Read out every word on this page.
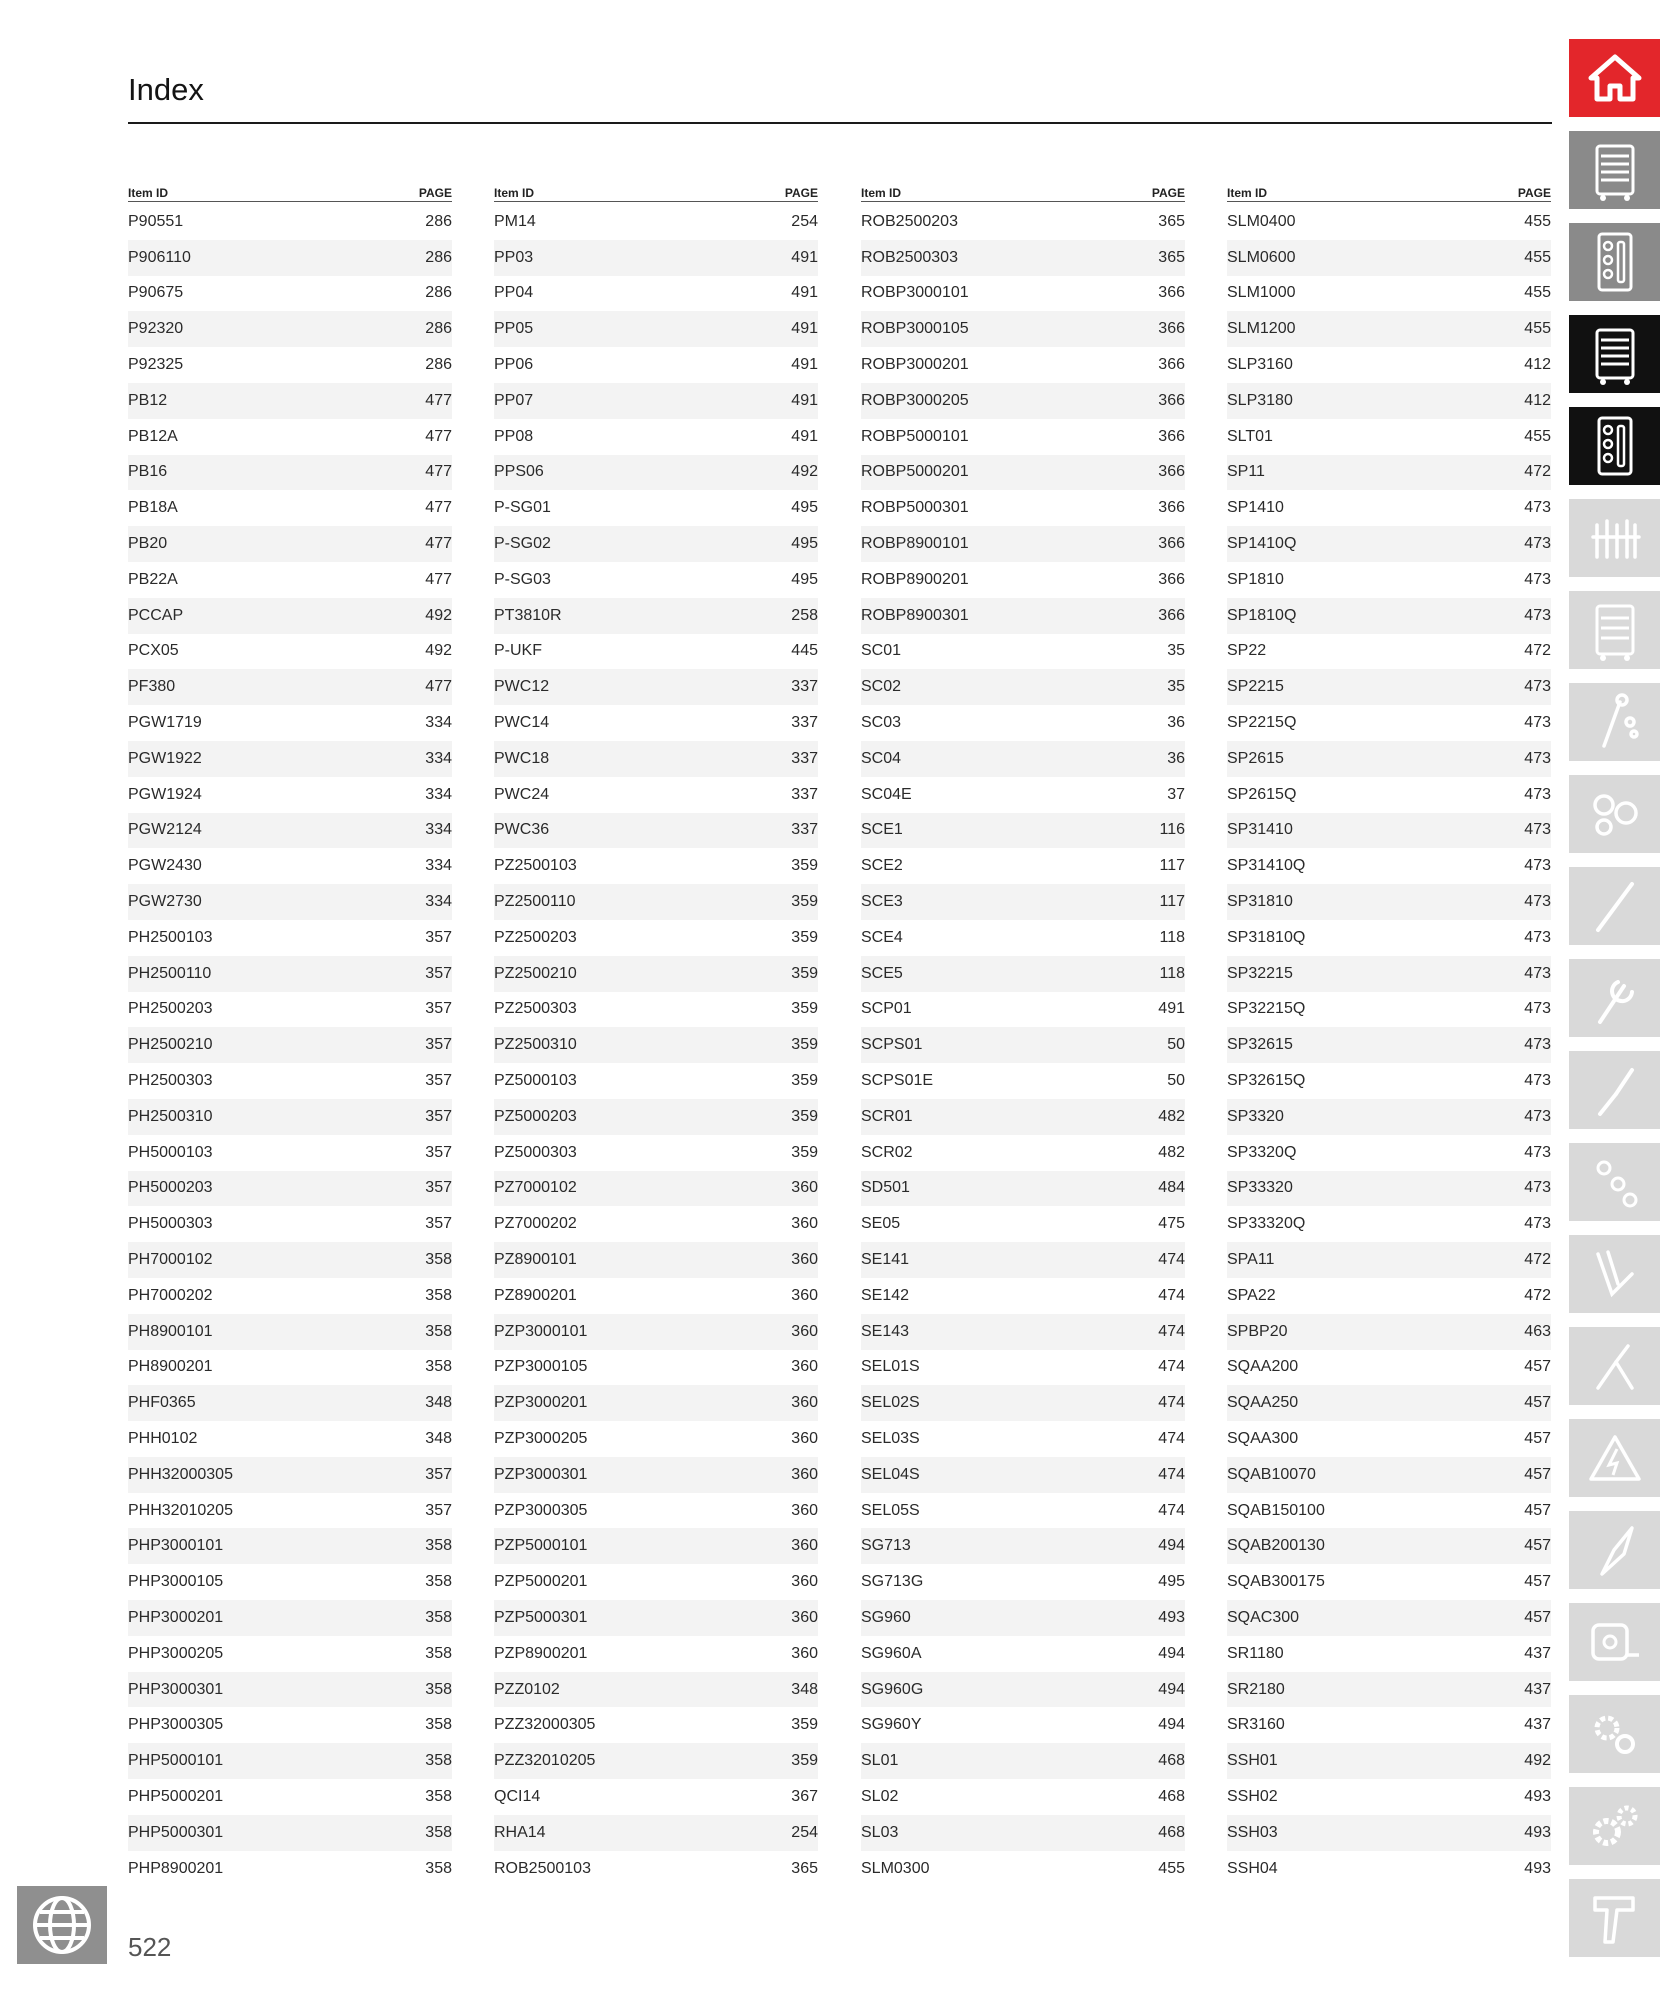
Index
Item ID	PAGE
P90551	286
P906110	286
P90675	286
P92320	286
P92325	286
PB12	477
PB12A	477
PB16	477
PB18A	477
PB20	477
PB22A	477
PCCAP	492
PCX05	492
PF380	477
PGW1719	334
PGW1922	334
PGW1924	334
PGW2124	334
PGW2430	334
PGW2730	334
PH2500103	357
PH2500110	357
PH2500203	357
PH2500210	357
PH2500303	357
PH2500310	357
PH5000103	357
PH5000203	357
PH5000303	357
PH7000102	358
PH7000202	358
PH8900101	358
PH8900201	358
PHF0365	348
PHH0102	348
PHH32000305	357
PHH32010205	357
PHP3000101	358
PHP3000105	358
PHP3000201	358
PHP3000205	358
PHP3000301	358
PHP3000305	358
PHP5000101	358
PHP5000201	358
PHP5000301	358
PHP8900201	358
Item ID	PAGE
PM14	254
PP03	491
PP04	491
PP05	491
PP06	491
PP07	491
PP08	491
PPS06	492
P-SG01	495
P-SG02	495
P-SG03	495
PT3810R	258
P-UKF	445
PWC12	337
PWC14	337
PWC18	337
PWC24	337
PWC36	337
PZ2500103	359
PZ2500110	359
PZ2500203	359
PZ2500210	359
PZ2500303	359
PZ2500310	359
PZ5000103	359
PZ5000203	359
PZ5000303	359
PZ7000102	360
PZ7000202	360
PZ8900101	360
PZ8900201	360
PZP3000101	360
PZP3000105	360
PZP3000201	360
PZP3000205	360
PZP3000301	360
PZP3000305	360
PZP5000101	360
PZP5000201	360
PZP5000301	360
PZP8900201	360
PZZ0102	348
PZZ32000305	359
PZZ32010205	359
QCI14	367
RHA14	254
ROB2500103	365
Item ID	PAGE
ROB2500203	365
ROB2500303	365
ROBP3000101	366
ROBP3000105	366
ROBP3000201	366
ROBP3000205	366
ROBP5000101	366
ROBP5000201	366
ROBP5000301	366
ROBP8900101	366
ROBP8900201	366
ROBP8900301	366
SC01	35
SC02	35
SC03	36
SC04	36
SC04E	37
SCE1	116
SCE2	117
SCE3	117
SCE4	118
SCE5	118
SCP01	491
SCPS01	50
SCPS01E	50
SCR01	482
SCR02	482
SD501	484
SE05	475
SE141	474
SE142	474
SE143	474
SEL01S	474
SEL02S	474
SEL03S	474
SEL04S	474
SEL05S	474
SG713	494
SG713G	495
SG960	493
SG960A	494
SG960G	494
SG960Y	494
SL01	468
SL02	468
SL03	468
SLM0300	455
Item ID	PAGE
SLM0400	455
SLM0600	455
SLM1000	455
SLM1200	455
SLP3160	412
SLP3180	412
SLT01	455
SP11	472
SP1410	473
SP1410Q	473
SP1810	473
SP1810Q	473
SP22	472
SP2215	473
SP2215Q	473
SP2615	473
SP2615Q	473
SP31410	473
SP31410Q	473
SP31810	473
SP31810Q	473
SP32215	473
SP32215Q	473
SP32615	473
SP32615Q	473
SP3320	473
SP3320Q	473
SP33320	473
SP33320Q	473
SPA11	472
SPA22	472
SPBP20	463
SQAA200	457
SQAA250	457
SQAA300	457
SQAB10070	457
SQAB150100	457
SQAB200130	457
SQAB300175	457
SQAC300	457
SR1180	437
SR2180	437
SR3160	437
SSH01	492
SSH02	493
SSH03	493
SSH04	493
522
